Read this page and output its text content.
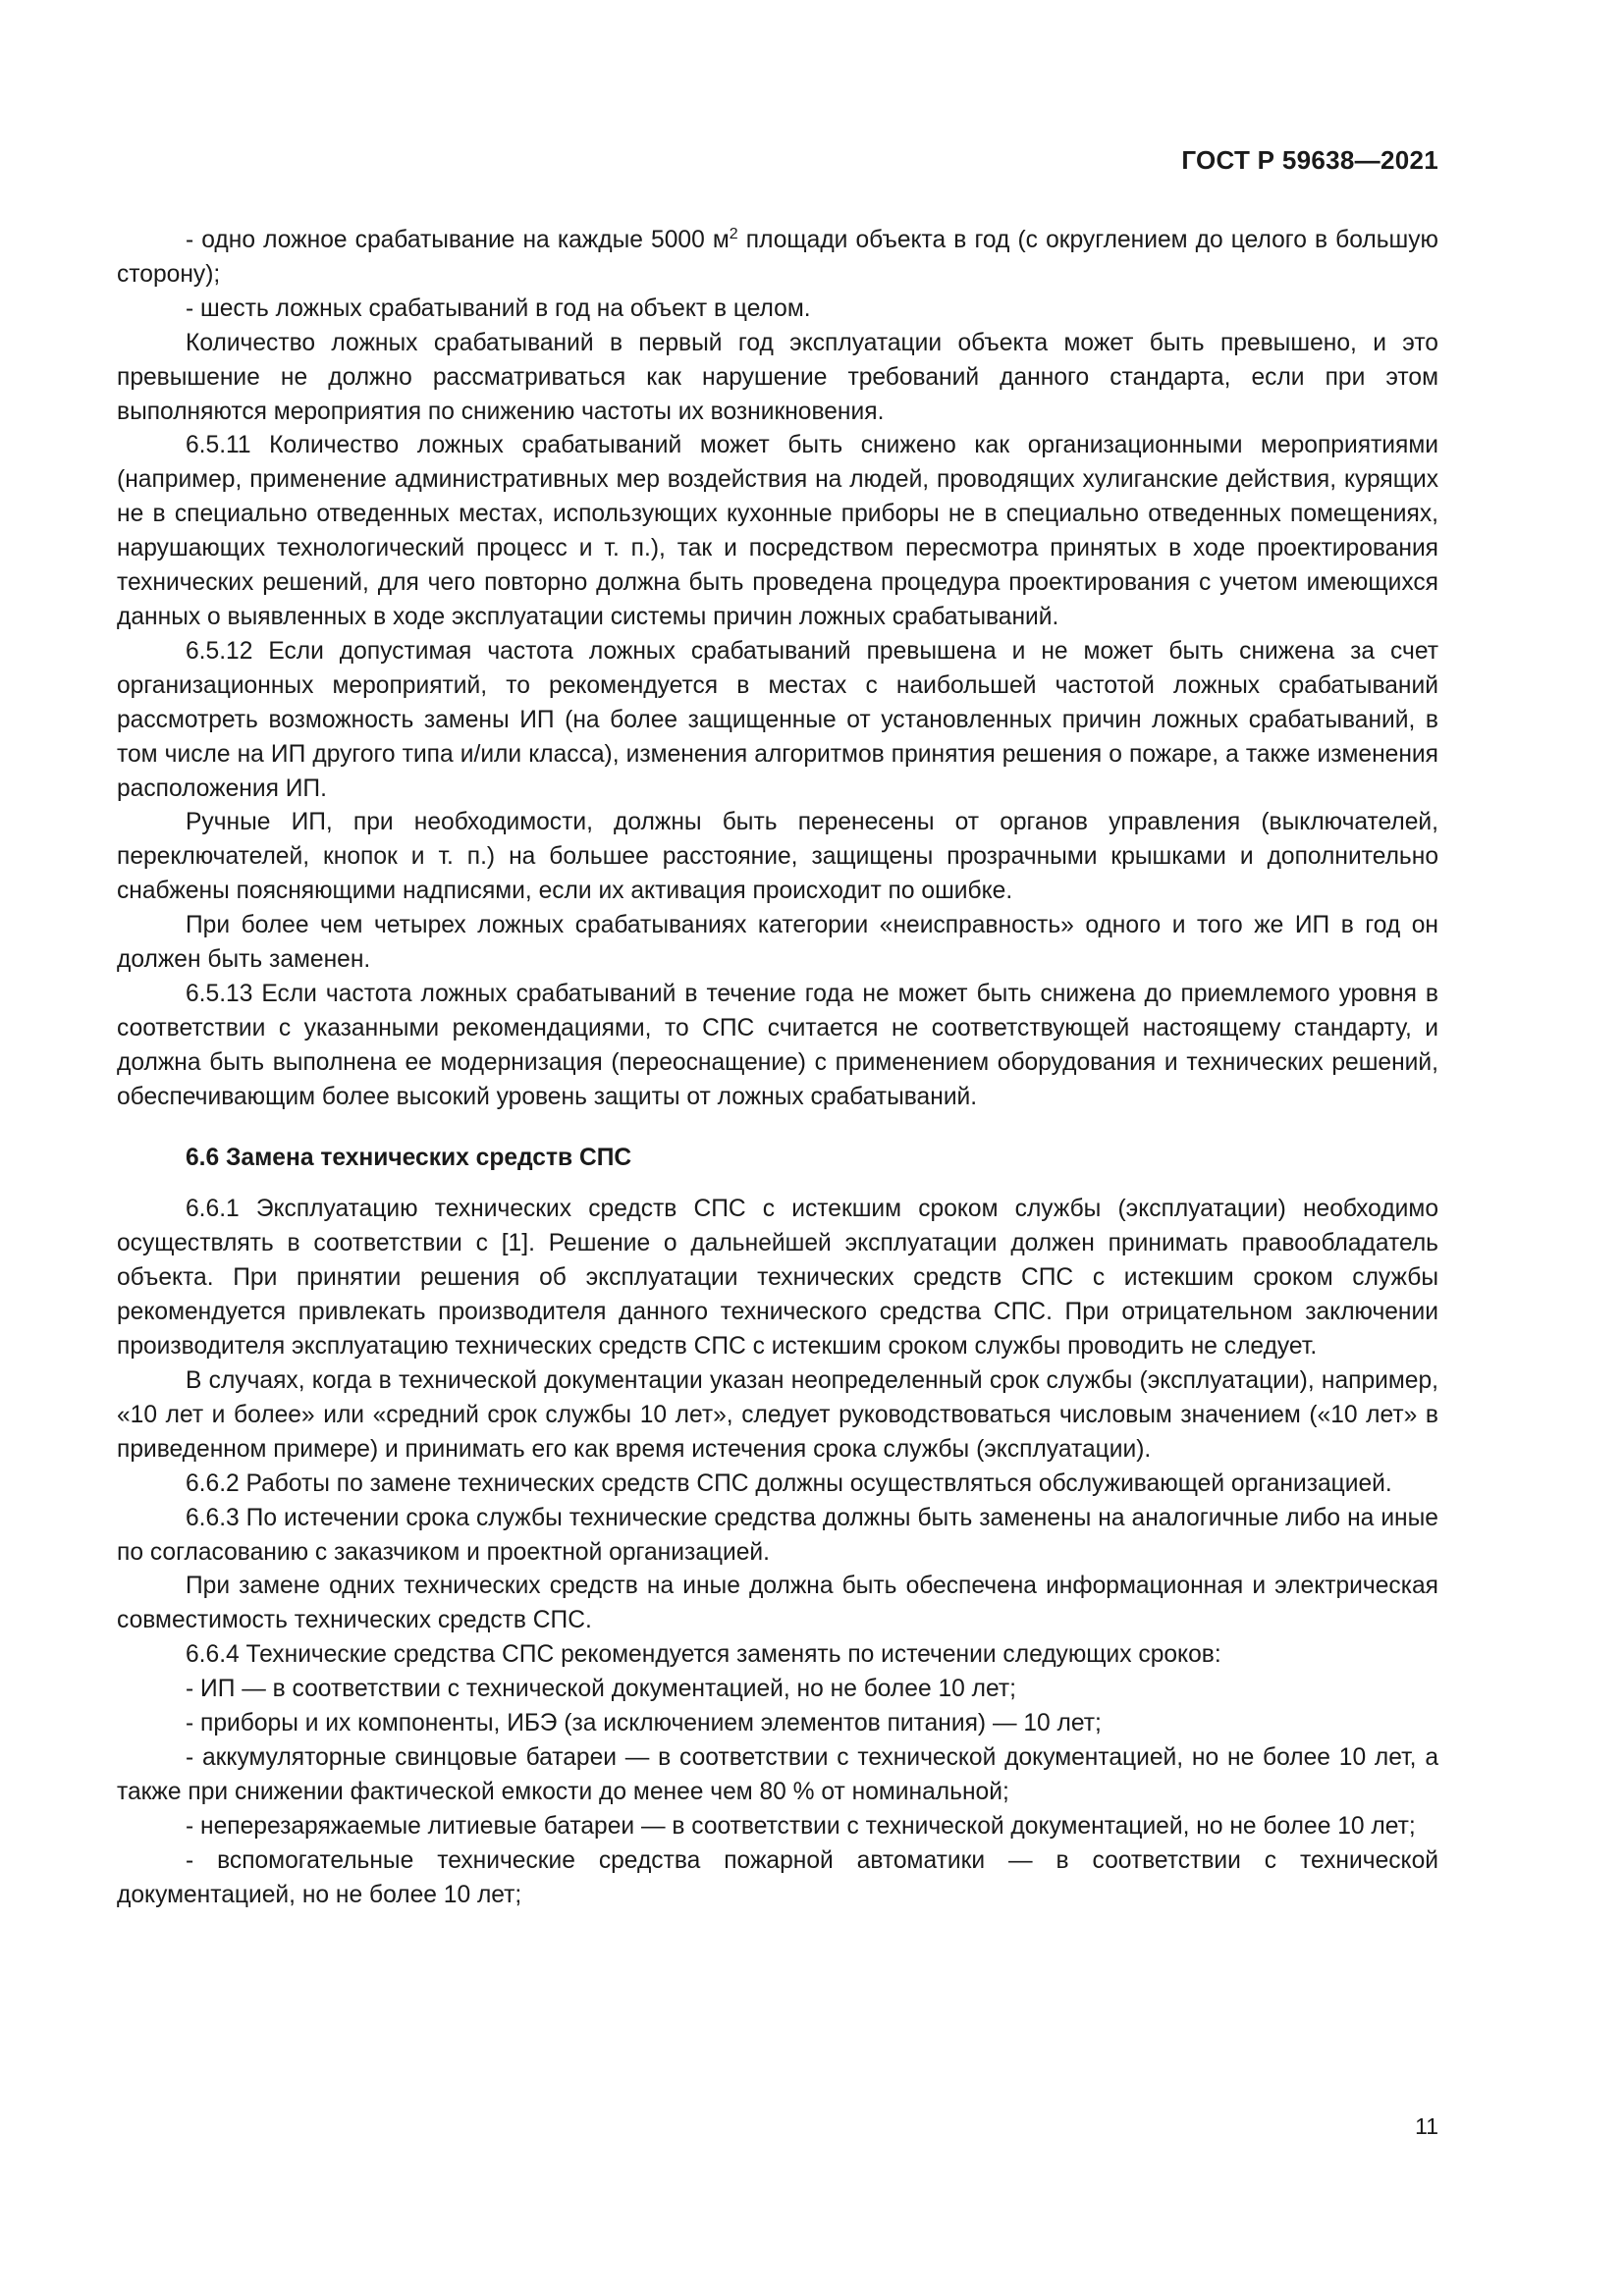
ГОСТ Р 59638—2021

- одно ложное срабатывание на каждые 5000 $м^2$ площади объекта в год (с округлением до целого в большую сторону);

- шесть ложных срабатываний в год на объект в целом.

Количество ложных срабатываний в первый год эксплуатации объекта может быть превышено, и это превышение не должно рассматриваться как нарушение требований данного стандарта, если при этом выполняются мероприятия по снижению частоты их возникновения.

6.5.11 Количество ложных срабатываний может быть снижено как организационными мероприятиями (например, применение административных мер воздействия на людей, проводящих хулиганские действия, курящих не в специально отведенных местах, использующих кухонные приборы не в специально отведенных помещениях, нарушающих технологический процесс и т. п.), так и посредством пересмотра принятых в ходе проектирования технических решений, для чего повторно должна быть проведена процедура проектирования с учетом имеющихся данных о выявленных в ходе эксплуатации системы причин ложных срабатываний.

6.5.12 Если допустимая частота ложных срабатываний превышена и не может быть снижена за счет организационных мероприятий, то рекомендуется в местах с наибольшей частотой ложных срабатываний рассмотреть возможность замены ИП (на более защищенные от установленных причин ложных срабатываний, в том числе на ИП другого типа и/или класса), изменения алгоритмов принятия решения о пожаре, а также изменения расположения ИП.

Ручные ИП, при необходимости, должны быть перенесены от органов управления (выключателей, переключателей, кнопок и т. п.) на большее расстояние, защищены прозрачными крышками и дополнительно снабжены поясняющими надписями, если их активация происходит по ошибке.

При более чем четырех ложных срабатываниях категории «неисправность» одного и того же ИП в год он должен быть заменен.

6.5.13 Если частота ложных срабатываний в течение года не может быть снижена до приемлемого уровня в соответствии с указанными рекомендациями, то СПС считается не соответствующей настоящему стандарту, и должна быть выполнена ее модернизация (переоснащение) с применением оборудования и технических решений, обеспечивающим более высокий уровень защиты от ложных срабатываний.

6.6 Замена технических средств СПС

6.6.1 Эксплуатацию технических средств СПС с истекшим сроком службы (эксплуатации) необходимо осуществлять в соответствии с [1]. Решение о дальнейшей эксплуатации должен принимать правообладатель объекта. При принятии решения об эксплуатации технических средств СПС с истекшим сроком службы рекомендуется привлекать производителя данного технического средства СПС. При отрицательном заключении производителя эксплуатацию технических средств СПС с истекшим сроком службы проводить не следует.

В случаях, когда в технической документации указан неопределенный срок службы (эксплуатации), например, «10 лет и более» или «средний срок службы 10 лет», следует руководствоваться числовым значением («10 лет» в приведенном примере) и принимать его как время истечения срока службы (эксплуатации).

6.6.2 Работы по замене технических средств СПС должны осуществляться обслуживающей организацией.

6.6.3 По истечении срока службы технические средства должны быть заменены на аналогичные либо на иные по согласованию с заказчиком и проектной организацией.

При замене одних технических средств на иные должна быть обеспечена информационная и электрическая совместимость технических средств СПС.

6.6.4 Технические средства СПС рекомендуется заменять по истечении следующих сроков:

- ИП — в соответствии с технической документацией, но не более 10 лет;

- приборы и их компоненты, ИБЭ (за исключением элементов питания) — 10 лет;

- аккумуляторные свинцовые батареи — в соответствии с технической документацией, но не более 10 лет, а также при снижении фактической емкости до менее чем 80 % от номинальной;

- неперезаряжаемые литиевые батареи — в соответствии с технической документацией, но не более 10 лет;

- вспомогательные технические средства пожарной автоматики — в соответствии с технической документацией, но не более 10 лет;

11
